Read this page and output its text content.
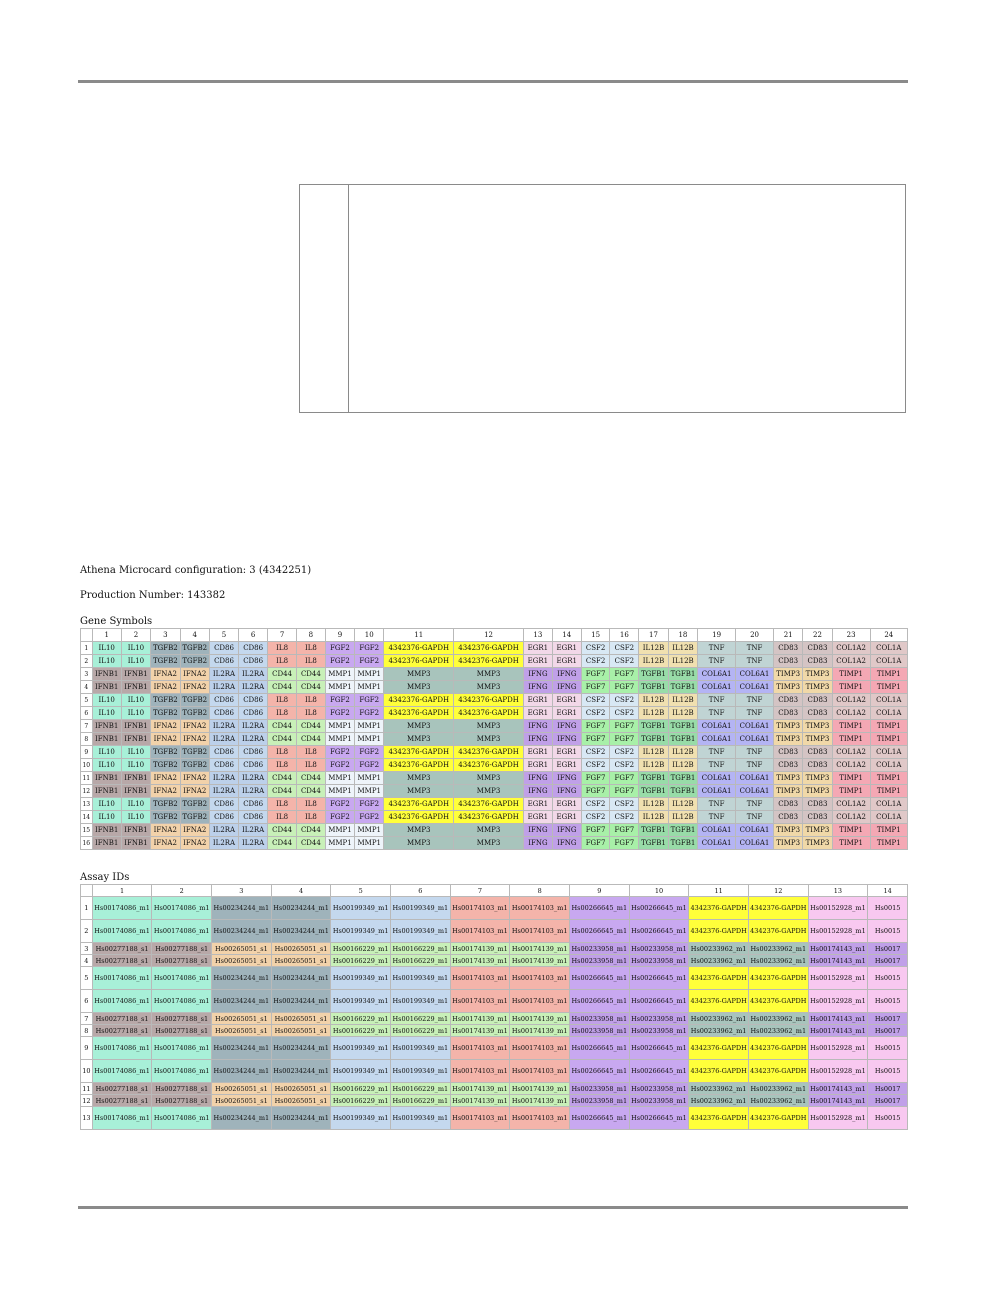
Athena Microcard configuration: 3 (4342251)
Production Number: 143382
Gene Symbols
	1	2	3	4	5	6	7	8	9	10	11	12	13	14	15	16	17	18	19	20	21	22	23	24
1	IL10	IL10	TGFB2	TGFB2	CD86	CD86	IL8	IL8	FGF2	FGF2	4342376-GAPDH	4342376-GAPDH	EGR1	EGR1	CSF2	CSF2	IL12B	IL12B	TNF	TNF	CD83	CD83	COL1A2	COL1A
2	IL10	IL10	TGFB2	TGFB2	CD86	CD86	IL8	IL8	FGF2	FGF2	4342376-GAPDH	4342376-GAPDH	EGR1	EGR1	CSF2	CSF2	IL12B	IL12B	TNF	TNF	CD83	CD83	COL1A2	COL1A
3	IFNB1	IFNB1	IFNA2	IFNA2	IL2RA	IL2RA	CD44	CD44	MMP1	MMP1	MMP3	MMP3	IFNG	IFNG	FGF7	FGF7	TGFB1	TGFB1	COL6A1	COL6A1	TIMP3	TIMP3	TIMP1	TIMP1
4	IFNB1	IFNB1	IFNA2	IFNA2	IL2RA	IL2RA	CD44	CD44	MMP1	MMP1	MMP3	MMP3	IFNG	IFNG	FGF7	FGF7	TGFB1	TGFB1	COL6A1	COL6A1	TIMP3	TIMP3	TIMP1	TIMP1
5	IL10	IL10	TGFB2	TGFB2	CD86	CD86	IL8	IL8	FGF2	FGF2	4342376-GAPDH	4342376-GAPDH	EGR1	EGR1	CSF2	CSF2	IL12B	IL12B	TNF	TNF	CD83	CD83	COL1A2	COL1A
6	IL10	IL10	TGFB2	TGFB2	CD86	CD86	IL8	IL8	FGF2	FGF2	4342376-GAPDH	4342376-GAPDH	EGR1	EGR1	CSF2	CSF2	IL12B	IL12B	TNF	TNF	CD83	CD83	COL1A2	COL1A
7	IFNB1	IFNB1	IFNA2	IFNA2	IL2RA	IL2RA	CD44	CD44	MMP1	MMP1	MMP3	MMP3	IFNG	IFNG	FGF7	FGF7	TGFB1	TGFB1	COL6A1	COL6A1	TIMP3	TIMP3	TIMP1	TIMP1
8	IFNB1	IFNB1	IFNA2	IFNA2	IL2RA	IL2RA	CD44	CD44	MMP1	MMP1	MMP3	MMP3	IFNG	IFNG	FGF7	FGF7	TGFB1	TGFB1	COL6A1	COL6A1	TIMP3	TIMP3	TIMP1	TIMP1
9	IL10	IL10	TGFB2	TGFB2	CD86	CD86	IL8	IL8	FGF2	FGF2	4342376-GAPDH	4342376-GAPDH	EGR1	EGR1	CSF2	CSF2	IL12B	IL12B	TNF	TNF	CD83	CD83	COL1A2	COL1A
10	IL10	IL10	TGFB2	TGFB2	CD86	CD86	IL8	IL8	FGF2	FGF2	4342376-GAPDH	4342376-GAPDH	EGR1	EGR1	CSF2	CSF2	IL12B	IL12B	TNF	TNF	CD83	CD83	COL1A2	COL1A
11	IFNB1	IFNB1	IFNA2	IFNA2	IL2RA	IL2RA	CD44	CD44	MMP1	MMP1	MMP3	MMP3	IFNG	IFNG	FGF7	FGF7	TGFB1	TGFB1	COL6A1	COL6A1	TIMP3	TIMP3	TIMP1	TIMP1
12	IFNB1	IFNB1	IFNA2	IFNA2	IL2RA	IL2RA	CD44	CD44	MMP1	MMP1	MMP3	MMP3	IFNG	IFNG	FGF7	FGF7	TGFB1	TGFB1	COL6A1	COL6A1	TIMP3	TIMP3	TIMP1	TIMP1
13	IL10	IL10	TGFB2	TGFB2	CD86	CD86	IL8	IL8	FGF2	FGF2	4342376-GAPDH	4342376-GAPDH	EGR1	EGR1	CSF2	CSF2	IL12B	IL12B	TNF	TNF	CD83	CD83	COL1A2	COL1A
14	IL10	IL10	TGFB2	TGFB2	CD86	CD86	IL8	IL8	FGF2	FGF2	4342376-GAPDH	4342376-GAPDH	EGR1	EGR1	CSF2	CSF2	IL12B	IL12B	TNF	TNF	CD83	CD83	COL1A2	COL1A
15	IFNB1	IFNB1	IFNA2	IFNA2	IL2RA	IL2RA	CD44	CD44	MMP1	MMP1	MMP3	MMP3	IFNG	IFNG	FGF7	FGF7	TGFB1	TGFB1	COL6A1	COL6A1	TIMP3	TIMP3	TIMP1	TIMP1
16	IFNB1	IFNB1	IFNA2	IFNA2	IL2RA	IL2RA	CD44	CD44	MMP1	MMP1	MMP3	MMP3	IFNG	IFNG	FGF7	FGF7	TGFB1	TGFB1	COL6A1	COL6A1	TIMP3	TIMP3	TIMP1	TIMP1
Assay IDs
	1	2	3	4	5	6	7	8	9	10	11	12	13	14
1	Hs00174086_m1	Hs00174086_m1	Hs00234244_m1	Hs00234244_m1	Hs00199349_m1	Hs00199349_m1	Hs00174103_m1	Hs00174103_m1	Hs00266645_m1	Hs00266645_m1	4342376-GAPDH	4342376-GAPDH	Hs00152928_m1	Hs0015
2	Hs00174086_m1	Hs00174086_m1	Hs00234244_m1	Hs00234244_m1	Hs00199349_m1	Hs00199349_m1	Hs00174103_m1	Hs00174103_m1	Hs00266645_m1	Hs00266645_m1	4342376-GAPDH	4342376-GAPDH	Hs00152928_m1	Hs0015
3	Hs00277188_s1	Hs00277188_s1	Hs00265051_s1	Hs00265051_s1	Hs00166229_m1	Hs00166229_m1	Hs00174139_m1	Hs00174139_m1	Hs00233958_m1	Hs00233958_m1	Hs00233962_m1	Hs00233962_m1	Hs00174143_m1	Hs0017
4	Hs00277188_s1	Hs00277188_s1	Hs00265051_s1	Hs00265051_s1	Hs00166229_m1	Hs00166229_m1	Hs00174139_m1	Hs00174139_m1	Hs00233958_m1	Hs00233958_m1	Hs00233962_m1	Hs00233962_m1	Hs00174143_m1	Hs0017
5	Hs00174086_m1	Hs00174086_m1	Hs00234244_m1	Hs00234244_m1	Hs00199349_m1	Hs00199349_m1	Hs00174103_m1	Hs00174103_m1	Hs00266645_m1	Hs00266645_m1	4342376-GAPDH	4342376-GAPDH	Hs00152928_m1	Hs0015
6	Hs00174086_m1	Hs00174086_m1	Hs00234244_m1	Hs00234244_m1	Hs00199349_m1	Hs00199349_m1	Hs00174103_m1	Hs00174103_m1	Hs00266645_m1	Hs00266645_m1	4342376-GAPDH	4342376-GAPDH	Hs00152928_m1	Hs0015
7	Hs00277188_s1	Hs00277188_s1	Hs00265051_s1	Hs00265051_s1	Hs00166229_m1	Hs00166229_m1	Hs00174139_m1	Hs00174139_m1	Hs00233958_m1	Hs00233958_m1	Hs00233962_m1	Hs00233962_m1	Hs00174143_m1	Hs0017
8	Hs00277188_s1	Hs00277188_s1	Hs00265051_s1	Hs00265051_s1	Hs00166229_m1	Hs00166229_m1	Hs00174139_m1	Hs00174139_m1	Hs00233958_m1	Hs00233958_m1	Hs00233962_m1	Hs00233962_m1	Hs00174143_m1	Hs0017
9	Hs00174086_m1	Hs00174086_m1	Hs00234244_m1	Hs00234244_m1	Hs00199349_m1	Hs00199349_m1	Hs00174103_m1	Hs00174103_m1	Hs00266645_m1	Hs00266645_m1	4342376-GAPDH	4342376-GAPDH	Hs00152928_m1	Hs0015
10	Hs00174086_m1	Hs00174086_m1	Hs00234244_m1	Hs00234244_m1	Hs00199349_m1	Hs00199349_m1	Hs00174103_m1	Hs00174103_m1	Hs00266645_m1	Hs00266645_m1	4342376-GAPDH	4342376-GAPDH	Hs00152928_m1	Hs0015
11	Hs00277188_s1	Hs00277188_s1	Hs00265051_s1	Hs00265051_s1	Hs00166229_m1	Hs00166229_m1	Hs00174139_m1	Hs00174139_m1	Hs00233958_m1	Hs00233958_m1	Hs00233962_m1	Hs00233962_m1	Hs00174143_m1	Hs0017
12	Hs00277188_s1	Hs00277188_s1	Hs00265051_s1	Hs00265051_s1	Hs00166229_m1	Hs00166229_m1	Hs00174139_m1	Hs00174139_m1	Hs00233958_m1	Hs00233958_m1	Hs00233962_m1	Hs00233962_m1	Hs00174143_m1	Hs0017
13	Hs00174086_m1	Hs00174086_m1	Hs00234244_m1	Hs00234244_m1	Hs00199349_m1	Hs00199349_m1	Hs00174103_m1	Hs00174103_m1	Hs00266645_m1	Hs00266645_m1	4342376-GAPDH	4342376-GAPDH	Hs00152928_m1	Hs0015
